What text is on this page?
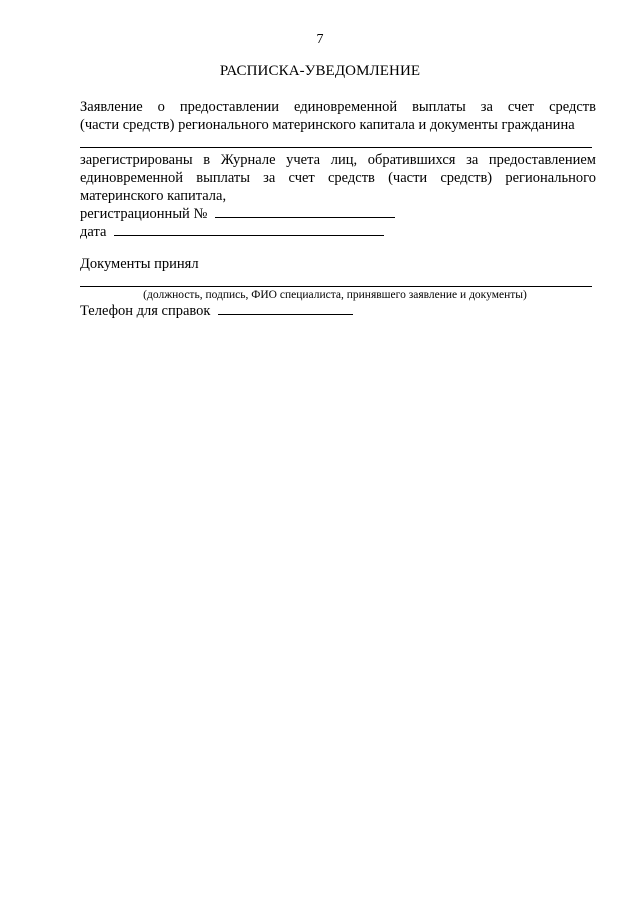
7
РАСПИСКА-УВЕДОМЛЕНИЕ
Заявление о предоставлении единовременной выплаты за счет средств
(части средств) регионального материнского капитала и документы гражданина
зарегистрированы в Журнале учета лиц, обратившихся за предоставлением
единовременной выплаты за счет средств (части средств) регионального
материнского капитала,
регистрационный №
дата
Документы принял
(должность, подпись, ФИО специалиста, принявшего заявление и документы)
Телефон для справок
